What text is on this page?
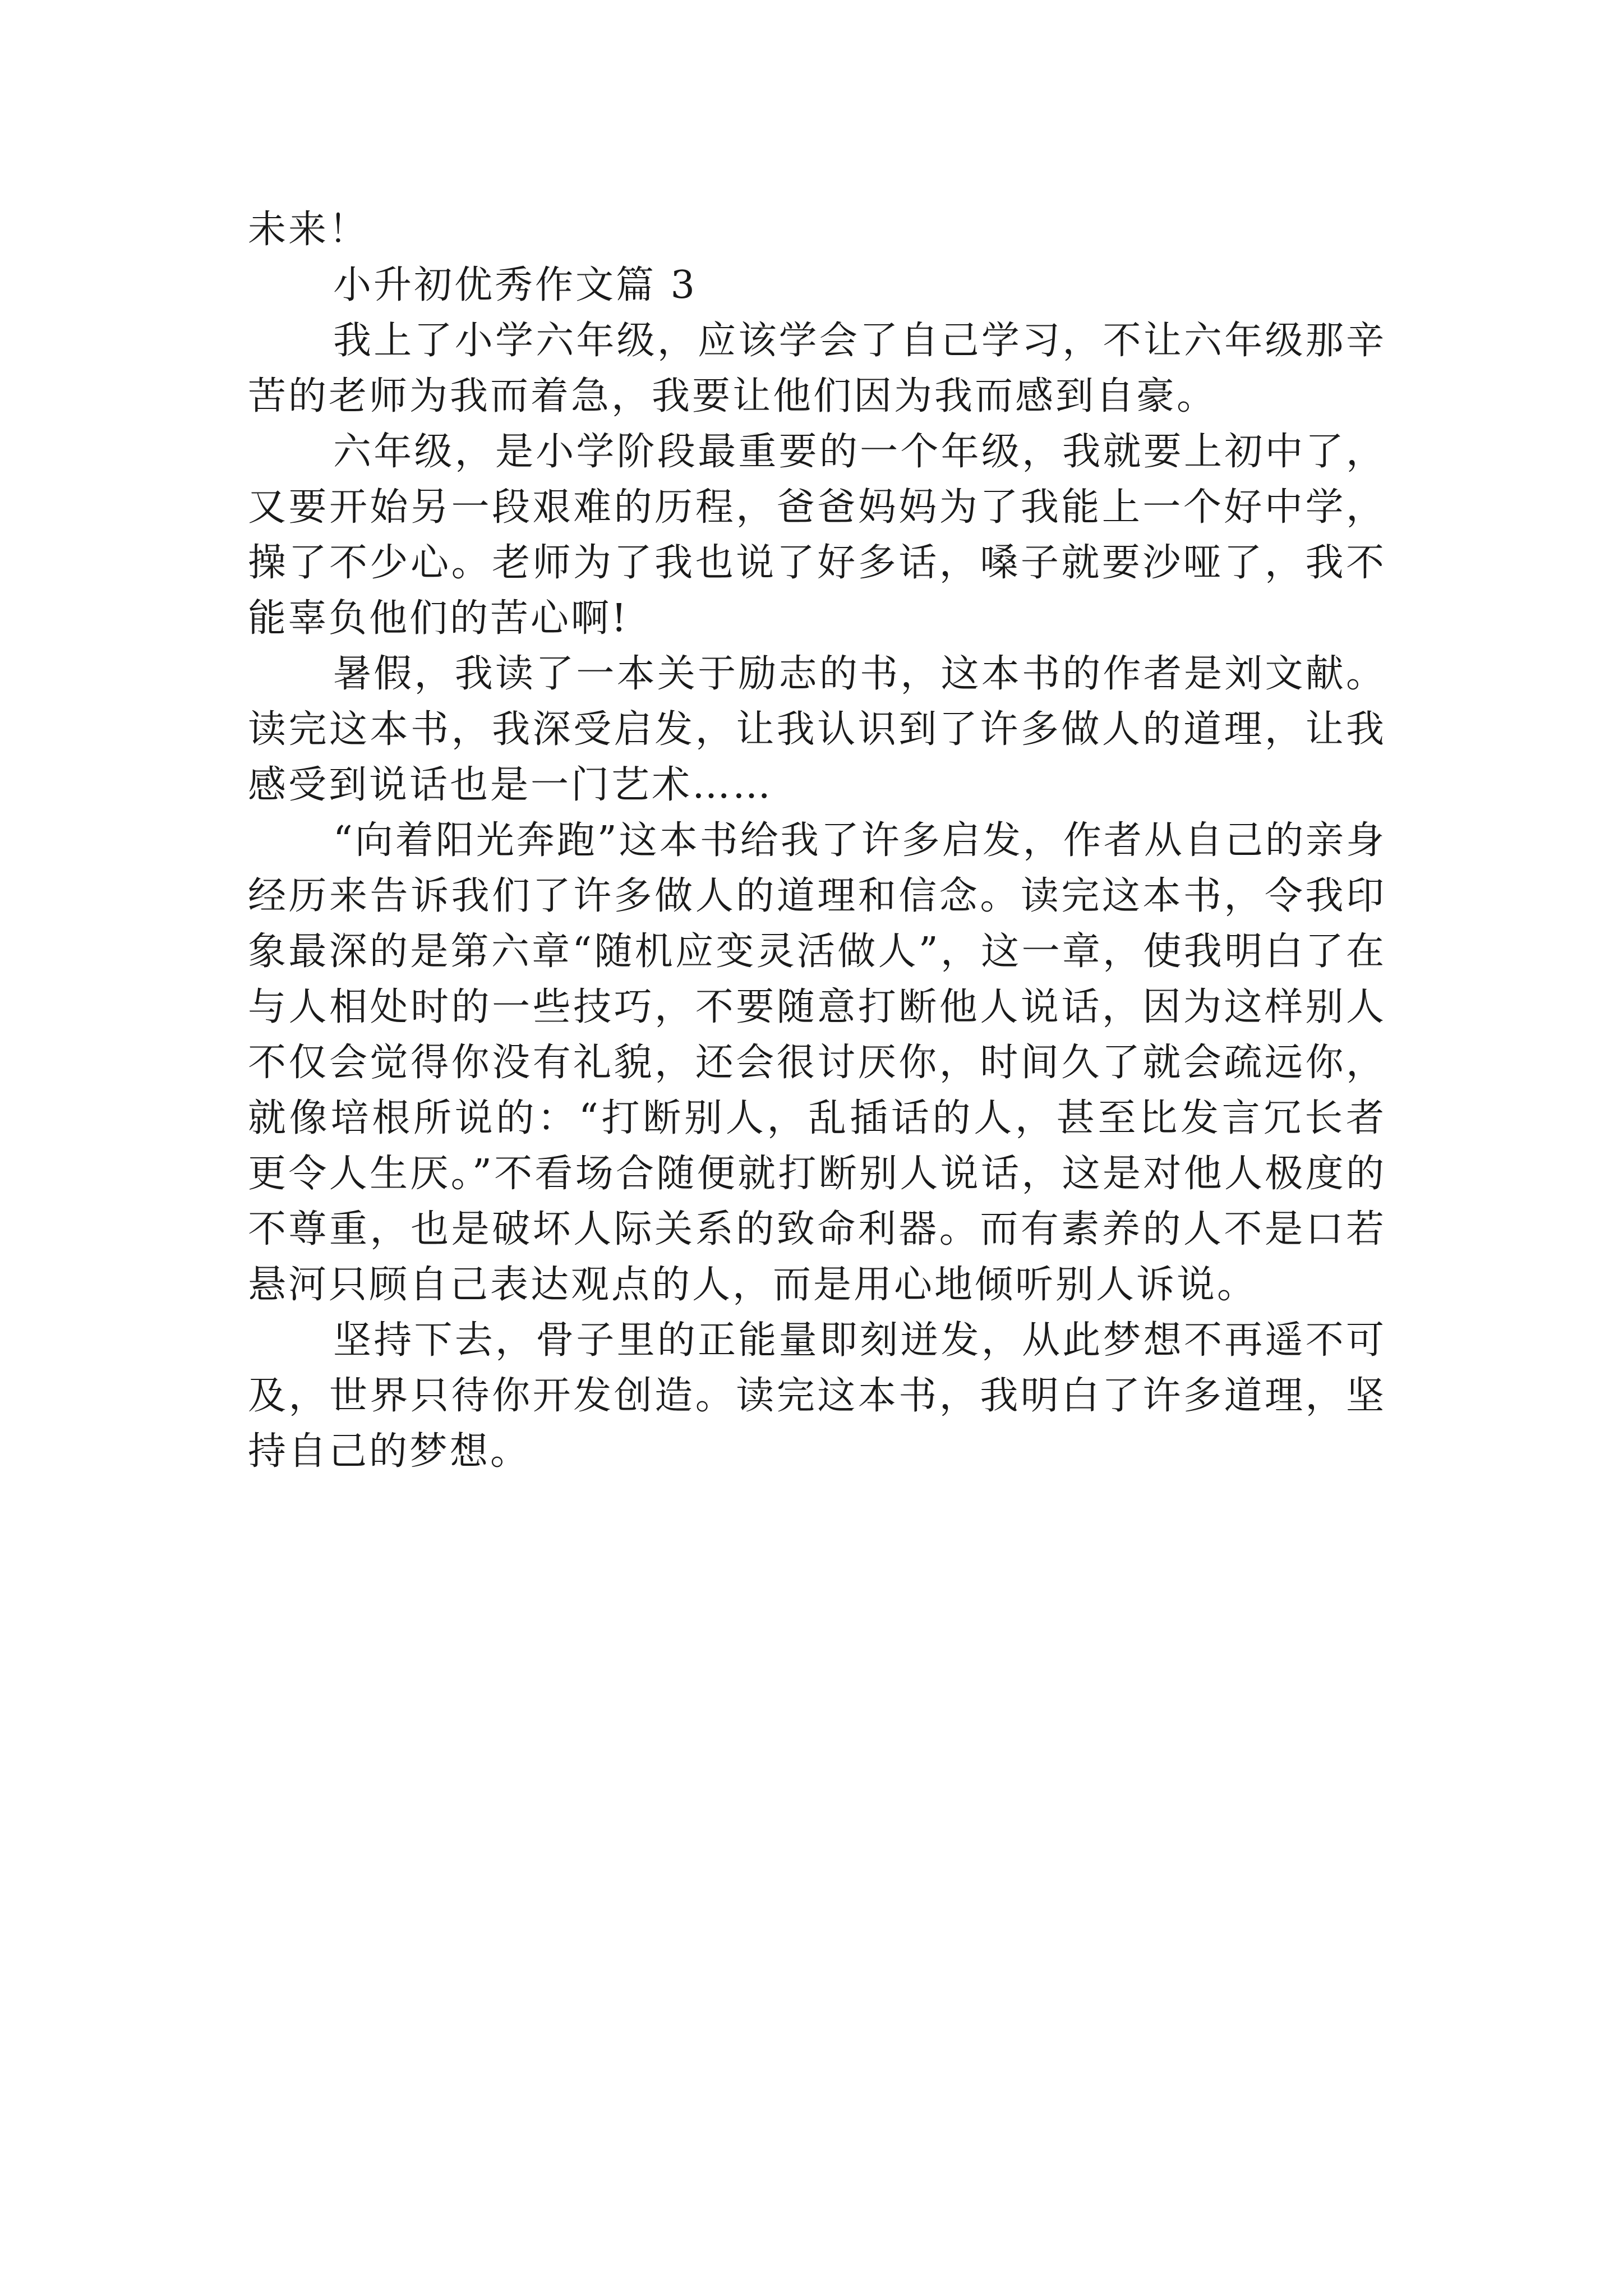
未来！

小升初优秀作文篇 3

我上了小学六年级，应该学会了自己学习，不让六年级那辛苦的老师为我而着急，我要让他们因为我而感到自豪。

六年级，是小学阶段最重要的一个年级，我就要上初中了，又要开始另一段艰难的历程，爸爸妈妈为了我能上一个好中学，操了不少心。老师为了我也说了好多话，嗓子就要沙哑了，我不能辜负他们的苦心啊!

暑假，我读了一本关于励志的书，这本书的作者是刘文献。读完这本书，我深受启发，让我认识到了许多做人的道理，让我感受到说话也是一门艺术……

“向着阳光奔跑”这本书给我了许多启发，作者从自己的亲身经历来告诉我们了许多做人的道理和信念。读完这本书，令我印象最深的是第六章“随机应变灵活做人”，这一章，使我明白了在与人相处时的一些技巧，不要随意打断他人说话，因为这样别人不仅会觉得你没有礼貌，还会很讨厌你，时间久了就会疏远你，就像培根所说的：“打断别人，乱插话的人，甚至比发言冗长者更令人生厌。”不看场合随便就打断别人说话，这是对他人极度的不尊重，也是破坏人际关系的致命利器。而有素养的人不是口若悬河只顾自己表达观点的人，而是用心地倾听别人诉说。

坚持下去，骨子里的正能量即刻迸发，从此梦想不再遥不可及，世界只待你开发创造。读完这本书，我明白了许多道理，坚持自己的梦想。
